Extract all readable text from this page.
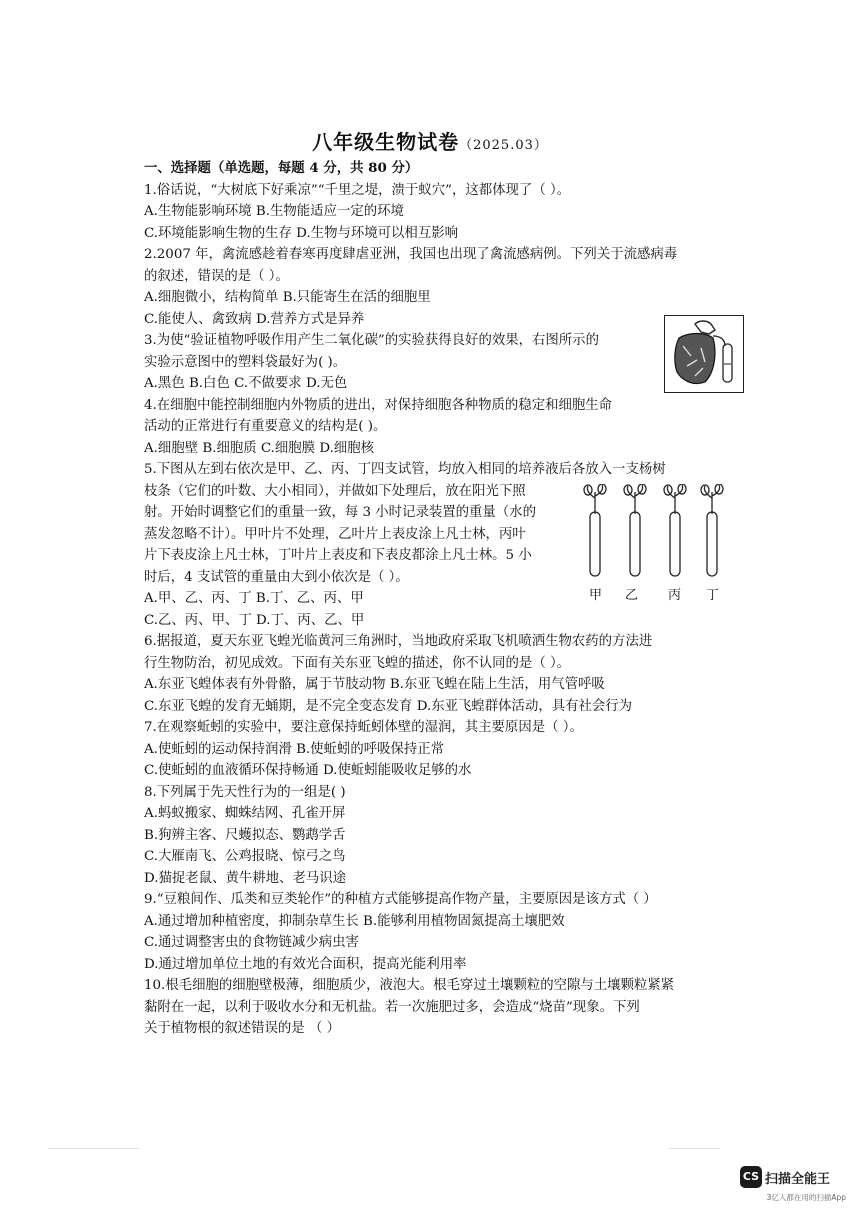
八年级生物试卷（2025.03）
一、选择题（单选题，每题 4 分，共 80 分）
1.俗话说，“大树底下好乘凉”“千里之堤，溃于蚁穴”，这都体现了（ ）。
A.生物能影响环境 B.生物能适应一定的环境
C.环境能影响生物的生存 D.生物与环境可以相互影响
2.2007 年，禽流感趁着春寒再度肆虐亚洲，我国也出现了禽流感病例。下列关于流感病毒
的叙述，错误的是（ ）。
A.细胞微小，结构简单 B.只能寄生在活的细胞里
C.能使人、禽致病 D.营养方式是异养
3.为使“验证植物呼吸作用产生二氧化碳”的实验获得良好的效果，右图所示的
实验示意图中的塑料袋最好为( )。
A.黑色 B.白色 C.不做要求 D.无色
4.在细胞中能控制细胞内外物质的进出，对保持细胞各种物质的稳定和细胞生命
活动的正常进行有重要意义的结构是( )。
A.细胞壁 B.细胞质 C.细胞膜 D.细胞核
5.下图从左到右依次是甲、乙、丙、丁四支试管，均放入相同的培养液后各放入一支杨树
枝条（它们的叶数、大小相同），并做如下处理后，放在阳光下照
射。开始时调整它们的重量一致，每 3 小时记录装置的重量（水的
蒸发忽略不计）。甲叶片不处理，乙叶片上表皮涂上凡士林，丙叶
片下表皮涂上凡士林，丁叶片上表皮和下表皮都涂上凡士林。5 小
时后，4 支试管的重量由大到小依次是（ ）。
A.甲、乙、丙、丁 B.丁、乙、丙、甲
C.乙、丙、甲、丁 D.丁、丙、乙、甲
6.据报道，夏天东亚飞蝗光临黄河三角洲时，当地政府采取飞机喷洒生物农药的方法进
行生物防治，初见成效。下面有关东亚飞蝗的描述，你不认同的是（ ）。
A.东亚飞蝗体表有外骨骼，属于节肢动物 B.东亚飞蝗在陆上生活，用气管呼吸
C.东亚飞蝗的发育无蛹期，是不完全变态发育 D.东亚飞蝗群体活动，具有社会行为
7.在观察蚯蚓的实验中，要注意保持蚯蚓体壁的湿润，其主要原因是（ ）。
A.使蚯蚓的运动保持润滑 B.使蚯蚓的呼吸保持正常
C.使蚯蚓的血液循环保持畅通 D.使蚯蚓能吸收足够的水
8.下列属于先天性行为的一组是( )
A.蚂蚁搬家、蜘蛛结网、孔雀开屏
B.狗辨主客、尺蠖拟态、鹦鹉学舌
C.大雁南飞、公鸡报晓、惊弓之鸟
D.猫捉老鼠、黄牛耕地、老马识途
9.“豆粮间作、瓜类和豆类轮作”的种植方式能够提高作物产量，主要原因是该方式（ ）
A.通过增加种植密度，抑制杂草生长 B.能够利用植物固氮提高土壤肥效
C.通过调整害虫的食物链减少病虫害
D.通过增加单位土地的有效光合面积，提高光能利用率
10.根毛细胞的细胞壁极薄，细胞质少，液泡大。根毛穿过土壤颗粒的空隙与土壤颗粒紧紧
黏附在一起，以利于吸收水分和无机盐。若一次施肥过多，会造成“烧苗”现象。下列
关于植物根的叙述错误的是 （ ）
甲 乙 丙 丁
CS 扫描全能王
3亿人都在用的扫描App
